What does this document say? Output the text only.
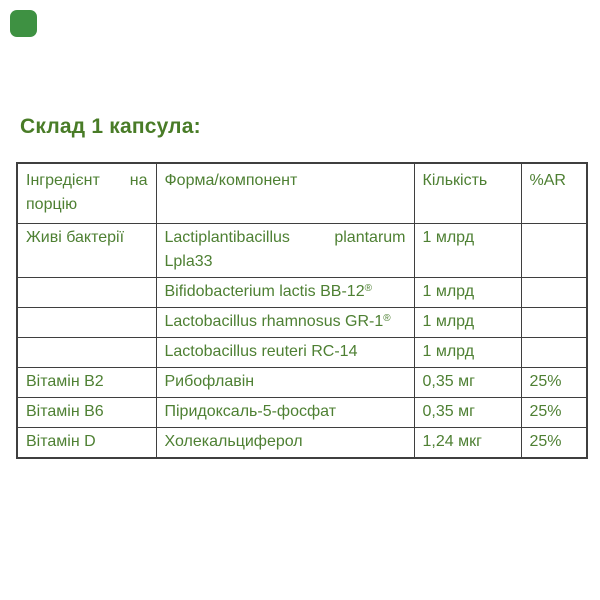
Склад 1 капсула:
Інгредієнт на порцію	Форма/компонент	Кількість	%AR
Живі бактерії	Lactiplantibacillus plantarum Lpla33	1 млрд	
	Bifidobacterium lactis BB-12®	1 млрд	
	Lactobacillus rhamnosus GR-1®	1 млрд	
	Lactobacillus reuteri RC-14	1 млрд	
Вітамін В2	Рибофлавін	0,35 мг	25%
Вітамін В6	Піридоксаль-5-фосфат	0,35 мг	25%
Вітамін D	Холекальциферол	1,24 мкг	25%
